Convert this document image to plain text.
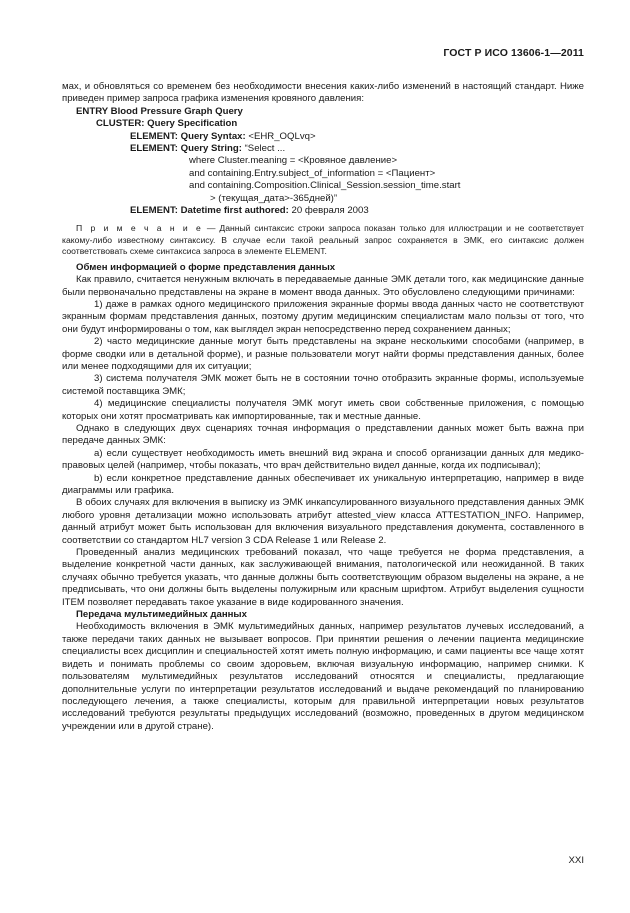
ГОСТ Р ИСО 13606-1—2011

мах, и обновляться со временем без необходимости внесения каких-либо изменений в настоящий стандарт. Ниже приведен пример запроса графика изменения кровяного давления:

ENTRY Blood Pressure Graph Query
CLUSTER: Query Specification
ELEMENT: Query Syntax: <EHR_OQLvq>
ELEMENT: Query String: “Select ...
where Cluster.meaning = <Кровяное давление>
and containing.Entry.subject_of_information = <Пациент>
and containing.Composition.Clinical_Session.session_time.start
> (текущая_дата>-365дней)”
ELEMENT: Datetime first authored: 20 февраля 2003

П р и м е ч а н и е — Данный синтаксис строки запроса показан только для иллюстрации и не соответствует какому-либо известному синтаксису. В случае если такой реальный запрос сохраняется в ЭМК, его синтаксис должен соответствовать схеме синтаксиса запроса в элементе ELEMENT.

Обмен информацией о форме представления данных

Как правило, считается ненужным включать в передаваемые данные ЭМК детали того, как медицинские данные были первоначально представлены на экране в момент ввода данных. Это обусловлено следующими причинами:

1) даже в рамках одного медицинского приложения экранные формы ввода данных часто не соответствуют экранным формам представления данных, поэтому другим медицинским специалистам мало пользы от того, что они будут информированы о том, как выглядел экран непосредственно перед сохранением данных;

2) часто медицинские данные могут быть представлены на экране несколькими способами (например, в форме сводки или в детальной форме), и разные пользователи могут найти формы представления данных, более или менее подходящими для их ситуации;

3) система получателя ЭМК может быть не в состоянии точно отобразить экранные формы, используемые системой поставщика ЭМК;

4) медицинские специалисты получателя ЭМК могут иметь свои собственные приложения, с помощью которых они хотят просматривать как импортированные, так и местные данные.

Однако в следующих двух сценариях точная информация о представлении данных может быть важна при передаче данных ЭМК:

а) если существует необходимость иметь внешний вид экрана и способ организации данных для медико-правовых целей (например, чтобы показать, что врач действительно видел данные, когда их подписывал);

b) если конкретное представление данных обеспечивает их уникальную интерпретацию, например в виде диаграммы или графика.

В обоих случаях для включения в выписку из ЭМК инкапсулированного визуального представления данных ЭМК любого уровня детализации можно использовать атрибут attested_view класса ATTESTATION_INFO. Например, данный атрибут может быть использован для включения визуального представления документа, составленного в соответствии со стандартом HL7 version 3 CDA Release 1 или Release 2.

Проведенный анализ медицинских требований показал, что чаще требуется не форма представления, а выделение конкретной части данных, как заслуживающей внимания, патологической или неожиданной. В таких случаях обычно требуется указать, что данные должны быть соответствующим образом выделены на экране, а не предписывать, что они должны быть выделены полужирным или красным шрифтом. Атрибут выделения сущности ITEM позволяет передавать такое указание в виде кодированного значения.

Передача мультимедийных данных

Необходимость включения в ЭМК мультимедийных данных, например результатов лучевых исследований, а также передачи таких данных не вызывает вопросов. При принятии решения о лечении пациента медицинские специалисты всех дисциплин и специальностей хотят иметь полную информацию, и сами пациенты все чаще хотят видеть и понимать проблемы со своим здоровьем, включая визуальную информацию, например снимки. К пользователям мультимедийных результатов исследований относятся и специалисты, предлагающие дополнительные услуги по интерпретации результатов исследований и выдаче рекомендаций по планированию последующего лечения, а также специалисты, которым для правильной интерпретации новых результатов исследований требуются результаты предыдущих исследований (возможно, проведенных в другом медицинском учреждении или в другой стране).

XXI
